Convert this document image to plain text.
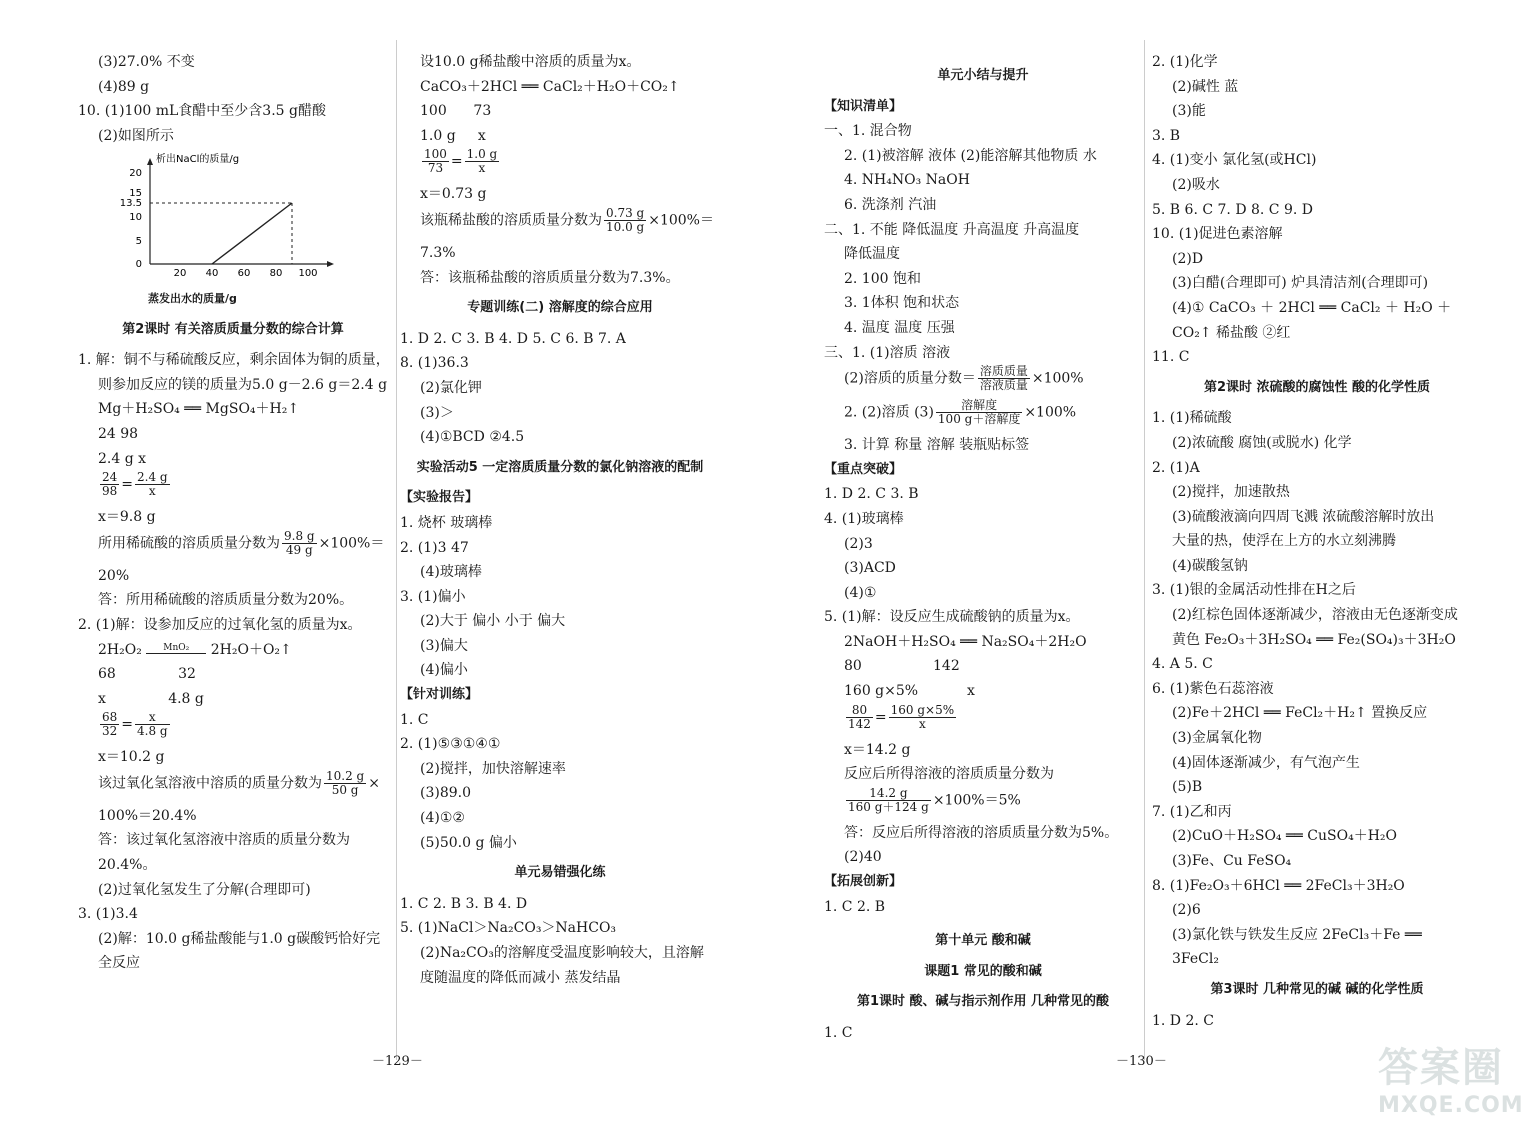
(3)27.0% 不变
(4)89 g
10. (1)100 mL食醋中至少含3.5 g醋酸
(2)如图所示
析出NaCl的质量/g
20
15
13.5
10
5
0
20 40 60 80 100
蒸发出水的质量/g
第2课时 有关溶质质量分数的综合计算
1. 解：铜不与稀硫酸反应，剩余固体为铜的质量，
则参加反应的镁的质量为5.0 g－2.6 g＝2.4 g
Mg＋H₂SO₄ ══ MgSO₄＋H₂↑
24 98
2.4 g x
$\frac{24}{98} = \frac{2.4 g}{x}$
x＝9.8 g
所用稀硫酸的溶质质量分数为 $\frac{9.8 g}{49 g} \times 100\%=$
20%
答：所用稀硫酸的溶质质量分数为20%。
2. (1)解：设参加反应的过氧化氢的质量为x。
2H₂O₂	MnO₂	2H₂O＋O₂↑
68              32
x              4.8 g
$\frac{68}{32} = \frac{x}{4.8 g}$
x＝10.2 g
该过氧化氢溶液中溶质的质量分数为 $\frac{10.2 g}{50 g}$ ×
100%＝20.4%
答：该过氧化氢溶液中溶质的质量分数为
20.4%。
(2)过氧化氢发生了分解(合理即可)
3. (1)3.4
(2)解：10.0 g稀盐酸能与1.0 g碳酸钙恰好完
全反应
设10.0 g稀盐酸中溶质的质量为x。
CaCO₃＋2HCl ══ CaCl₂＋H₂O＋CO₂↑
100      73
1.0 g     x
$\frac{100}{73} = \frac{1.0 g}{x}$
x＝0.73 g
该瓶稀盐酸的溶质质量分数为 $\frac{0.73 g}{10.0 g} \times 100\%=$
7.3%
答：该瓶稀盐酸的溶质质量分数为7.3%。
专题训练(二) 溶解度的综合应用
1. D 2. C 3. B 4. D 5. C 6. B 7. A
8. (1)36.3
(2)氯化钾
(3)＞
(4)①BCD ②4.5
实验活动5 一定溶质质量分数的氯化钠溶液的配制
【实验报告】
1. 烧杯 玻璃棒
2. (1)3 47
(4)玻璃棒
3. (1)偏小
(2)大于 偏小 小于 偏大
(3)偏大
(4)偏小
【针对训练】
1. C
2. (1)⑤③①④①
(2)搅拌，加快溶解速率
(3)89.0
(4)①②
(5)50.0 g 偏小
单元易错强化练
1. C 2. B 3. B 4. D
5. (1)NaCl＞Na₂CO₃＞NaHCO₃
(2)Na₂CO₃的溶解度受温度影响较大，且溶解
度随温度的降低而减小 蒸发结晶
－129－
单元小结与提升
【知识清单】
一、1. 混合物
2. (1)被溶解 液体 (2)能溶解其他物质 水
4. NH₄NO₃ NaOH
6. 洗涤剂 汽油
二、1. 不能 降低温度 升高温度 升高温度
降低温度
2. 100 饱和
3. 1体积 饱和状态
4. 温度 温度 压强
三、1. (1)溶质 溶液
(2)溶质的质量分数＝ $\frac{\text{溶质质量}}{\text{溶液质量}} \times 100\%$
2. (2)溶质 $(3) \frac{\text{溶解度}}{\text{100 g＋溶解度}} \times 100\%$
3. 计算 称量 溶解 装瓶贴标签
【重点突破】
1. D 2. C 3. B
4. (1)玻璃棒
(2)3
(3)ACD
(4)①
5. (1)解：设反应生成硫酸钠的质量为x。
2NaOH＋H₂SO₄ ══ Na₂SO₄＋2H₂O
80                142
160 g×5%           x
$\frac{80}{142} = \frac{160 g\times 5\%}{x}$
x＝14.2 g
反应后所得溶液的溶质质量分数为
$\frac{14.2 g}{160 g+124 g} \times 100\%=5\%$
答：反应后所得溶液的溶质质量分数为5%。
(2)40
【拓展创新】
1. C 2. B
第十单元 酸和碱
课题1 常见的酸和碱
第1课时 酸、碱与指示剂作用 几种常见的酸
1. C
2. (1)化学
(2)碱性 蓝
(3)能
3. B
4. (1)变小 氯化氢(或HCl)
(2)吸水
5. B 6. C 7. D 8. C 9. D
10. (1)促进色素溶解
(2)D
(3)白醋(合理即可) 炉具清洁剂(合理即可)
(4)① CaCO₃ ＋ 2HCl ══ CaCl₂ ＋ H₂O ＋
CO₂↑ 稀盐酸 ②红
11. C
第2课时 浓硫酸的腐蚀性 酸的化学性质
1. (1)稀硫酸
(2)浓硫酸 腐蚀(或脱水) 化学
2. (1)A
(2)搅拌，加速散热
(3)硫酸液滴向四周飞溅 浓硫酸溶解时放出
大量的热，使浮在上方的水立刻沸腾
(4)碳酸氢钠
3. (1)银的金属活动性排在H之后
(2)红棕色固体逐渐减少，溶液由无色逐渐变成
黄色 Fe₂O₃＋3H₂SO₄ ══ Fe₂(SO₄)₃＋3H₂O
4. A 5. C
6. (1)紫色石蕊溶液
(2)Fe＋2HCl ══ FeCl₂＋H₂↑ 置换反应
(3)金属氧化物
(4)固体逐渐减少，有气泡产生
(5)B
7. (1)乙和丙
(2)CuO＋H₂SO₄ ══ CuSO₄＋H₂O
(3)Fe、Cu FeSO₄
8. (1)Fe₂O₃＋6HCl ══ 2FeCl₃＋3H₂O
(2)6
(3)氯化铁与铁发生反应 2FeCl₃＋Fe ══
3FeCl₂
第3课时 几种常见的碱 碱的化学性质
1. D 2. C
－130－	答案圈
MXQE.COM
